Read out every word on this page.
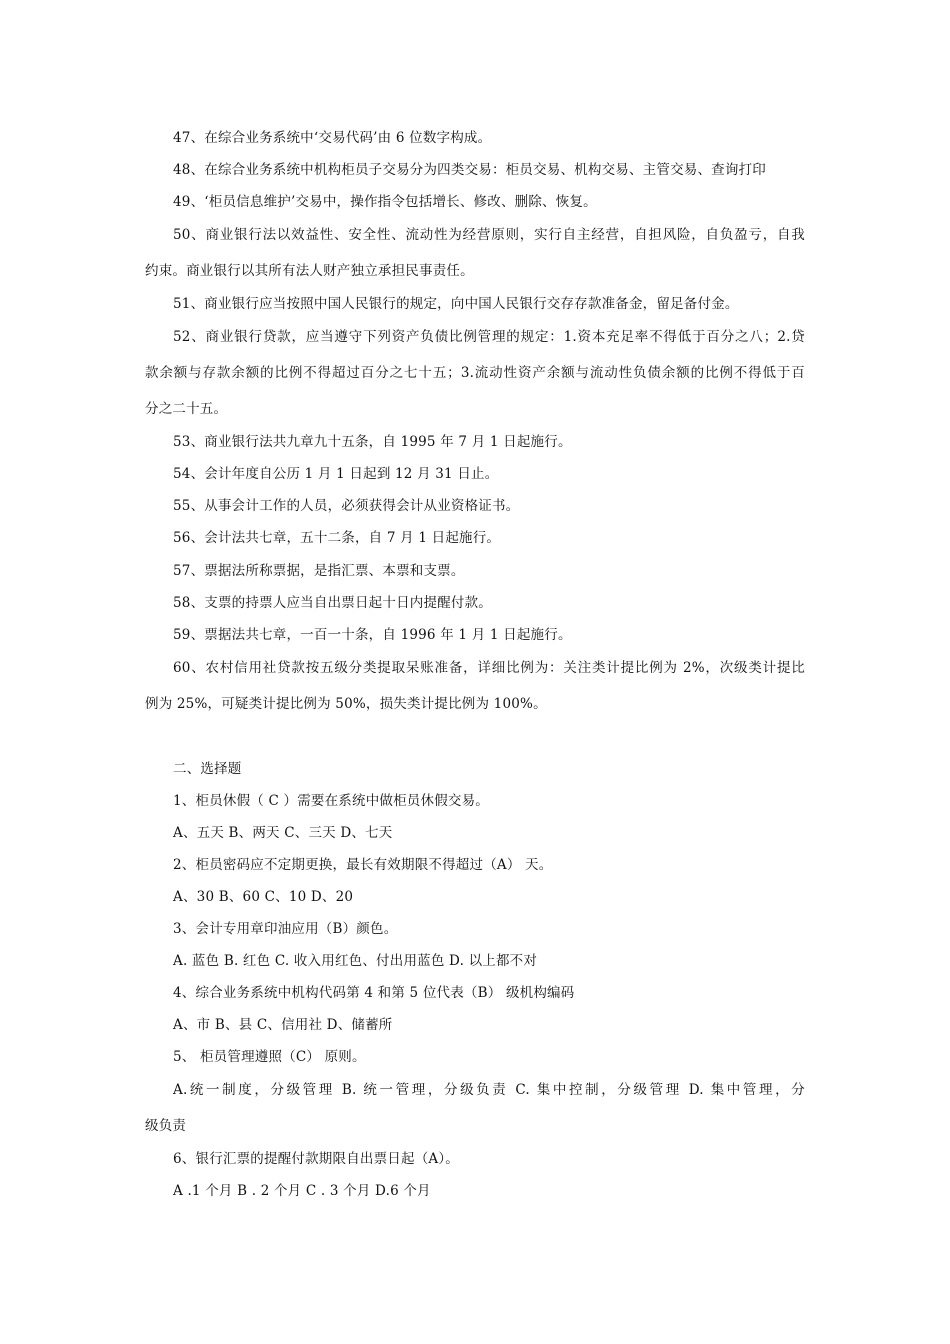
47、在综合业务系统中‘交易代码’由 6 位数字构成。
48、在综合业务系统中机构柜员子交易分为四类交易：柜员交易、机构交易、主管交易、查询打印
49、‘柜员信息维护’交易中，操作指令包括增长、修改、删除、恢复。
50、商业银行法以效益性、安全性、流动性为经营原则，实行自主经营，自担风险，自负盈亏，自我
约束。商业银行以其所有法人财产独立承担民事责任。
51、商业银行应当按照中国人民银行的规定，向中国人民银行交存存款准备金，留足备付金。
52、商业银行贷款，应当遵守下列资产负债比例管理的规定：1.资本充足率不得低于百分之八；2.贷
款余额与存款余额的比例不得超过百分之七十五；3.流动性资产余额与流动性负债余额的比例不得低于百
分之二十五。
53、商业银行法共九章九十五条，自 1995 年 7 月 1 日起施行。
54、会计年度自公历 1 月 1 日起到 12 月 31 日止。
55、从事会计工作的人员，必须获得会计从业资格证书。
56、会计法共七章，五十二条，自 7 月 1 日起施行。
57、票据法所称票据，是指汇票、本票和支票。
58、支票的持票人应当自出票日起十日内提醒付款。
59、票据法共七章，一百一十条，自 1996 年 1 月 1 日起施行。
60、农村信用社贷款按五级分类提取呆账准备，详细比例为：关注类计提比例为 2%，次级类计提比
例为 25%，可疑类计提比例为 50%，损失类计提比例为 100%。
二、选择题
1、柜员休假（ C ）需要在系统中做柜员休假交易。
A、五天 B、两天 C、三天 D、七天
2、柜员密码应不定期更换，最长有效期限不得超过（A） 天。
A、30 B、60 C、10 D、20
3、会计专用章印油应用（B）颜色。
A. 蓝色 B. 红色 C. 收入用红色、付出用蓝色 D. 以上都不对
4、综合业务系统中机构代码第 4 和第 5 位代表（B） 级机构编码
A、市 B、县 C、信用社 D、储蓄所
5、 柜员管理遵照（C） 原则。
A.统一制度，分级管理 B. 统一管理，分级负责 C. 集中控制，分级管理 D. 集中管理，分
级负责
6、银行汇票的提醒付款期限自出票日起（A）。
A .1 个月 B . 2 个月 C . 3 个月 D.6 个月
